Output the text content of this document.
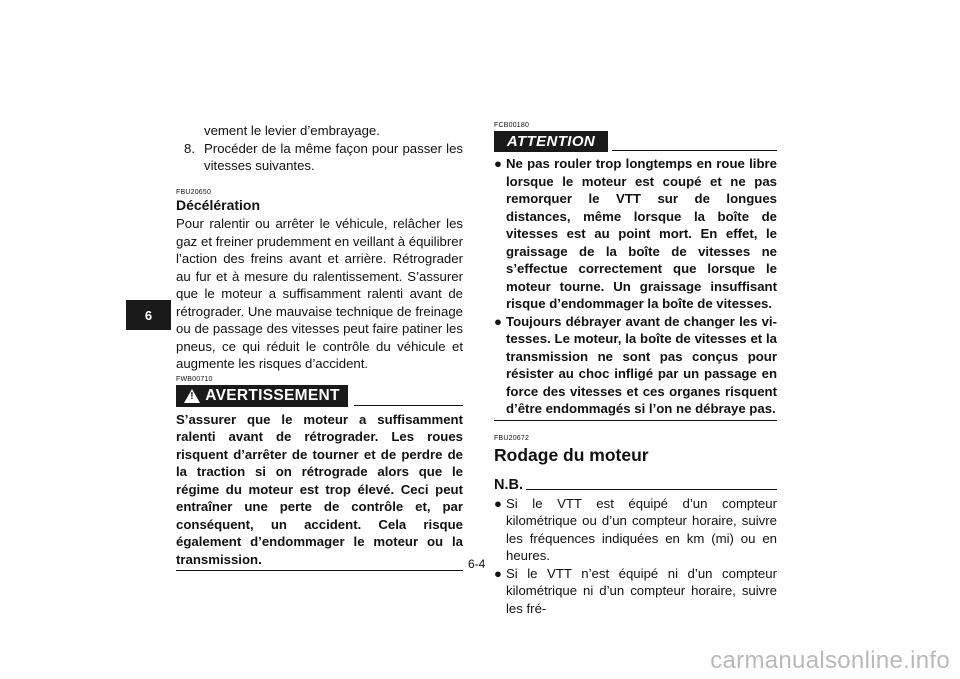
6

vement le levier d’embrayage.

8. Procéder de la même façon pour passer les vitesses suivantes.

FBU20650

Décélération

Pour ralentir ou arrêter le véhicule, relâcher les gaz et freiner prudemment en veillant à équilibrer l’action des freins avant et arrière. Rétrograder au fur et à mesure du ralentissement. S’assurer que le moteur a suffisamment ralenti avant de rétrograder. Une mauvaise technique de freinage ou de passage des vitesses peut faire patiner les pneus, ce qui réduit le contrôle du véhicule et augmente les risques d’accident.

FWB00710

!
AVERTISSEMENT

S’assurer que le moteur a suffisamment ralenti avant de rétrograder. Les roues risquent d’arrêter de tourner et de perdre de la traction si on rétrograde alors que le régime du moteur est trop élevé. Ceci peut entraîner une perte de contrôle et, par conséquent, un accident. Cela risque également d’endommager le moteur ou la transmission.

FCB00180

ATTENTION
● Ne pas rouler trop longtemps en roue libre lorsque le moteur est coupé et ne pas remorquer le VTT sur de longues distances, même lorsque la boîte de vitesses est au point mort. En effet, le graissage de la boîte de vitesses ne s’effectue correctement que lorsque le moteur tourne. Un graissage insuffisant risque d’endommager la boîte de vitesses.
● Toujours débrayer avant de changer les vitesses. Le moteur, la boîte de vitesses et la transmission ne sont pas conçus pour résister au choc infligé par un passage en force des vitesses et ces organes risquent d’être endommagés si l’on ne débraye pas.

FBU20672

Rodage du moteur

N.B.
● Si le VTT est équipé d’un compteur kilométrique ou d’un compteur horaire, suivre les fréquences indiquées en km (mi) ou en heures.
● Si le VTT n’est équipé ni d’un compteur kilométrique ni d’un compteur horaire, suivre les fré-
6-4
carmanualsonline.info
